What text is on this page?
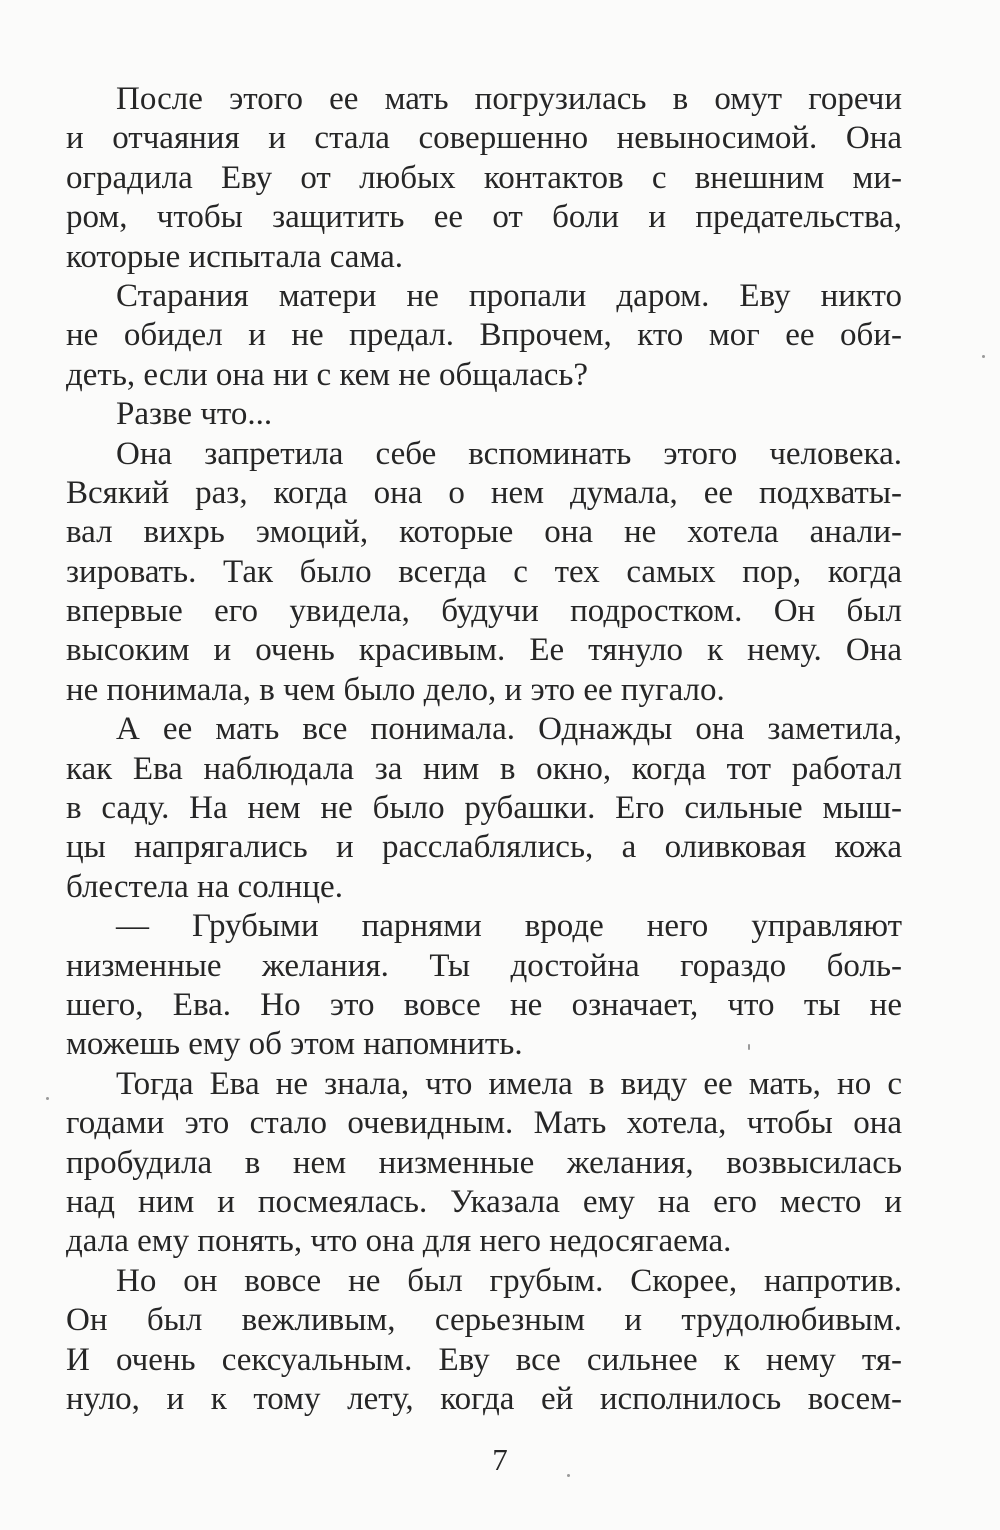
После этого ее мать погрузилась в омут горечи
и отчаяния и стала совершенно невыносимой. Она
оградила Еву от любых контактов с внешним ми-
ром, чтобы защитить ее от боли и предательства,
которые испытала сама.
Старания матери не пропали даром. Еву никто
не обидел и не предал. Впрочем, кто мог ее оби-
деть, если она ни с кем не общалась?
Разве что...
Она запретила себе вспоминать этого человека.
Всякий раз, когда она о нем думала, ее подхваты-
вал вихрь эмоций, которые она не хотела анали-
зировать. Так было всегда с тех самых пор, когда
впервые его увидела, будучи подростком. Он был
высоким и очень красивым. Ее тянуло к нему. Она
не понимала, в чем было дело, и это ее пугало.
А ее мать все понимала. Однажды она заметила,
как Ева наблюдала за ним в окно, когда тот работал
в саду. На нем не было рубашки. Его сильные мыш-
цы напрягались и расслаблялись, а оливковая кожа
блестела на солнце.
— Грубыми парнями вроде него управляют
низменные желания. Ты достойна гораздо боль-
шего, Ева. Но это вовсе не означает, что ты не
можешь ему об этом напомнить.
Тогда Ева не знала, что имела в виду ее мать, но с
годами это стало очевидным. Мать хотела, чтобы она
пробудила в нем низменные желания, возвысилась
над ним и посмеялась. Указала ему на его место и
дала ему понять, что она для него недосягаема.
Но он вовсе не был грубым. Скорее, напротив.
Он был вежливым, серьезным и трудолюбивым.
И очень сексуальным. Еву все сильнее к нему тя-
нуло, и к тому лету, когда ей исполнилось восем-
7
